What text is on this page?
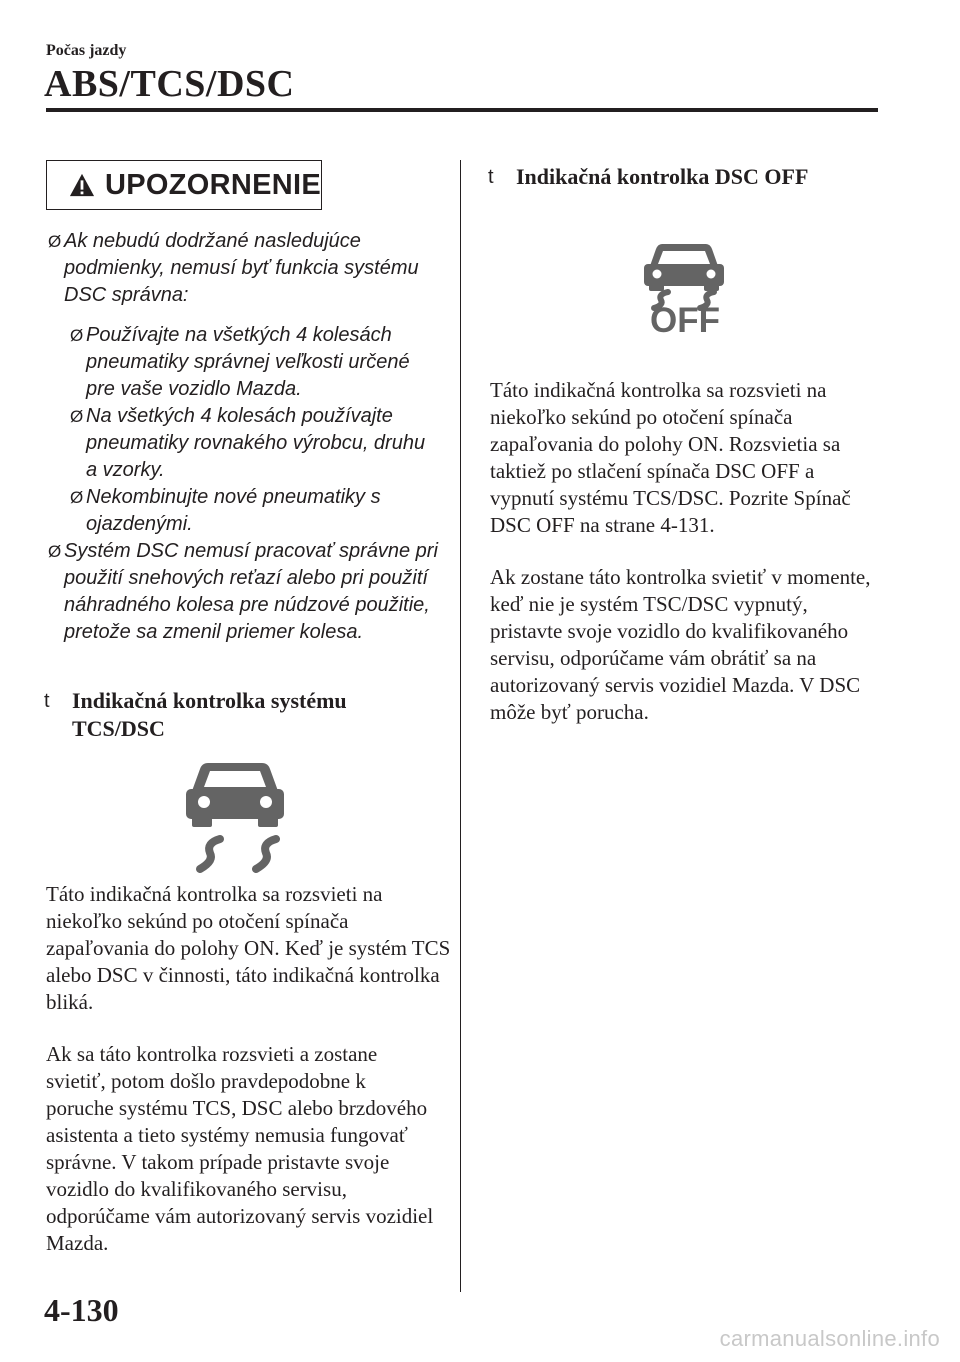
Počas jazdy
ABS/TCS/DSC
UPOZORNENIE
Ø Ak nebudú dodržané nasledujúce podmienky, nemusí byť funkcia systému DSC správna:
Ø Používajte na všetkých 4 kolesách pneumatiky správnej veľkosti určené pre vaše vozidlo Mazda.
Ø Na všetkých 4 kolesách používajte pneumatiky rovnakého výrobcu, druhu a vzorky.
Ø Nekombinujte nové pneumatiky s ojazdenými.
Ø Systém DSC nemusí pracovať správne pri použití snehových reťazí alebo pri použití náhradného kolesa pre núdzové použitie, pretože sa zmenil priemer kolesa.
t	Indikačná kontrolka systému TCS/DSC

Táto indikačná kontrolka sa rozsvieti na niekoľko sekúnd po otočení spínača zapaľovania do polohy ON. Keď je systém TCS alebo DSC v činnosti, táto indikačná kontrolka bliká.

Ak sa táto kontrolka rozsvieti a zostane svietiť, potom došlo pravdepodobne k poruche systému TCS, DSC alebo brzdového asistenta a tieto systémy nemusia fungovať správne. V takom prípade pristavte svoje vozidlo do kvalifikovaného servisu, odporúčame vám autorizovaný servis vozidiel Mazda.

t	Indikačná kontrolka DSC OFF
OFF

Táto indikačná kontrolka sa rozsvieti na niekoľko sekúnd po otočení spínača zapaľovania do polohy ON. Rozsvietia sa taktiež po stlačení spínača DSC OFF a vypnutí systému TCS/DSC. Pozrite Spínač DSC OFF na strane 4-131.

Ak zostane táto kontrolka svietiť v momente, keď nie je systém TSC/DSC vypnutý, pristavte svoje vozidlo do kvalifikovaného servisu, odporúčame vám obrátiť sa na autorizovaný servis vozidiel Mazda. V DSC môže byť porucha.

4-130
carmanualsonline.info
